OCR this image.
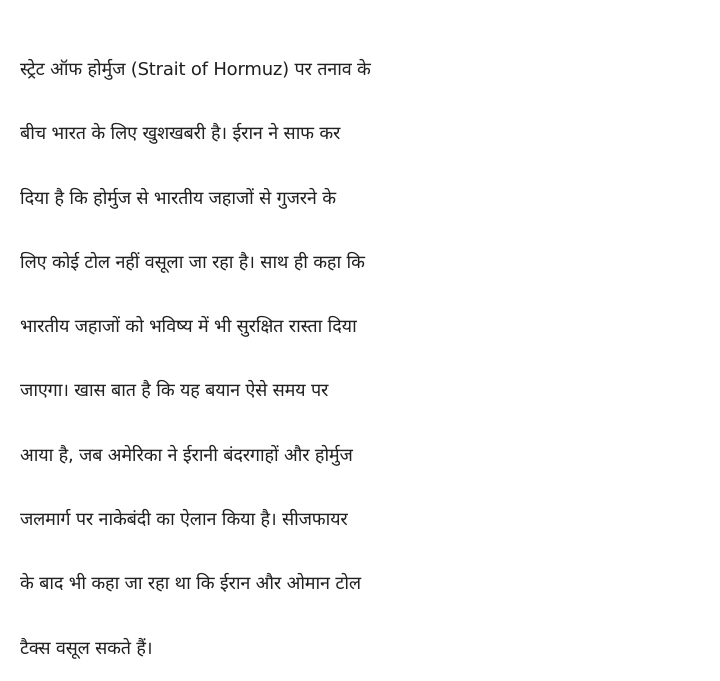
स्ट्रेट ऑफ होर्मुज (Strait of Hormuz) पर तनाव के
बीच भारत के लिए खुशखबरी है। ईरान ने साफ कर
दिया है कि होर्मुज से भारतीय जहाजों से गुजरने के
लिए कोई टोल नहीं वसूला जा रहा है। साथ ही कहा कि
भारतीय जहाजों को भविष्य में भी सुरक्षित रास्ता दिया
जाएगा। खास बात है कि यह बयान ऐसे समय पर
आया है, जब अमेरिका ने ईरानी बंदरगाहों और होर्मुज
जलमार्ग पर नाकेबंदी का ऐलान किया है। सीजफायर
के बाद भी कहा जा रहा था कि ईरान और ओमान टोल
टैक्स वसूल सकते हैं।
